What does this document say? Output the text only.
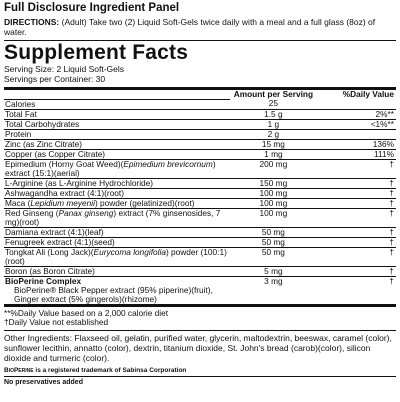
Full Disclosure Ingredient Panel
DIRECTIONS: (Adult) Take two (2) Liquid Soft-Gels twice daily with a meal and a full glass (8oz) of water.
Supplement Facts
Serving Size: 2 Liquid Soft-Gels
Servings per Container: 30
	Amount per Serving	%Daily Value
Calories	25	
Total Fat	1.5 g	2%**
Total Carbohydrates	1 g	<1%**
Protein	2 g	
Zinc (as Zinc Citrate)	15 mg	136%
Copper (as Copper Citrate)	1 mg	111%
Epimedium (Horny Goat Weed)(Epimedium brevicornum) extract (15:1)(aerial)	200 mg	†
L-Arginine (as L-Arginine Hydrochloride)	150 mg	†
Ashwagandha extract (4:1)(root)	100 mg	†
Maca (Lepidium meyenii) powder (gelatinized)(root)	100 mg	†
Red Ginseng (Panax ginseng) extract (7% ginsenosides, 7 mg)(root)	100 mg	†
Damiana extract (4:1)(leaf)	50 mg	†
Fenugreek extract (4:1)(seed)	50 mg	†
Tongkat Ali (Long Jack)(Eurycoma longifolia) powder (100:1)(root)	50 mg	†
Boron (as Boron Citrate)	5 mg	†
BioPerine Complex	3 mg	†
BioPerine® Black Pepper extract (95% piperine)(fruit),		
Ginger extract (5% gingerols)(rhizome)		
**%Daily Value based on a 2,000 calorie diet
†Daily Value not established
Other Ingredients: Flaxseed oil, gelatin, purified water, glycerin, maltodextrin, beeswax, caramel (color), sunflower lecithin, annatto (color), dextrin, titanium dioxide, St. John's bread (carob)(color), silicon dioxide and turmeric (color).
BioPerine is a registered trademark of Sabinsa Corporation
No preservatives added
